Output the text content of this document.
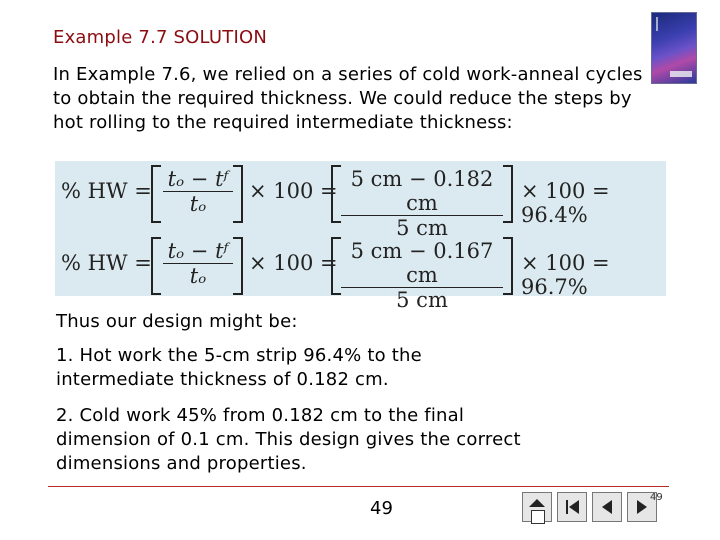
Example 7.7 SOLUTION
In Example 7.6, we relied on a series of cold work-anneal cycles to obtain the required thickness. We could reduce the steps by hot rolling to the required intermediate thickness:
% HW = $\frac{\text{tₒ − tᶠ}}{\text{tₒ}} \times 100 = \frac{5 cm - 0.182 cm}{5 cm} \times 100 = 96.4\%$
% HW = $\frac{\text{tₒ − tᶠ}}{\text{tₒ}} \times 100 = \frac{5 cm - 0.167 cm}{5 cm} \times 100 = 96.7\%$
Thus our design might be:
1. Hot work the 5-cm strip 96.4% to the intermediate thickness of 0.182 cm.
2. Cold work 45% from 0.182 cm to the final dimension of 0.1 cm. This design gives the correct dimensions and properties.
49
49
